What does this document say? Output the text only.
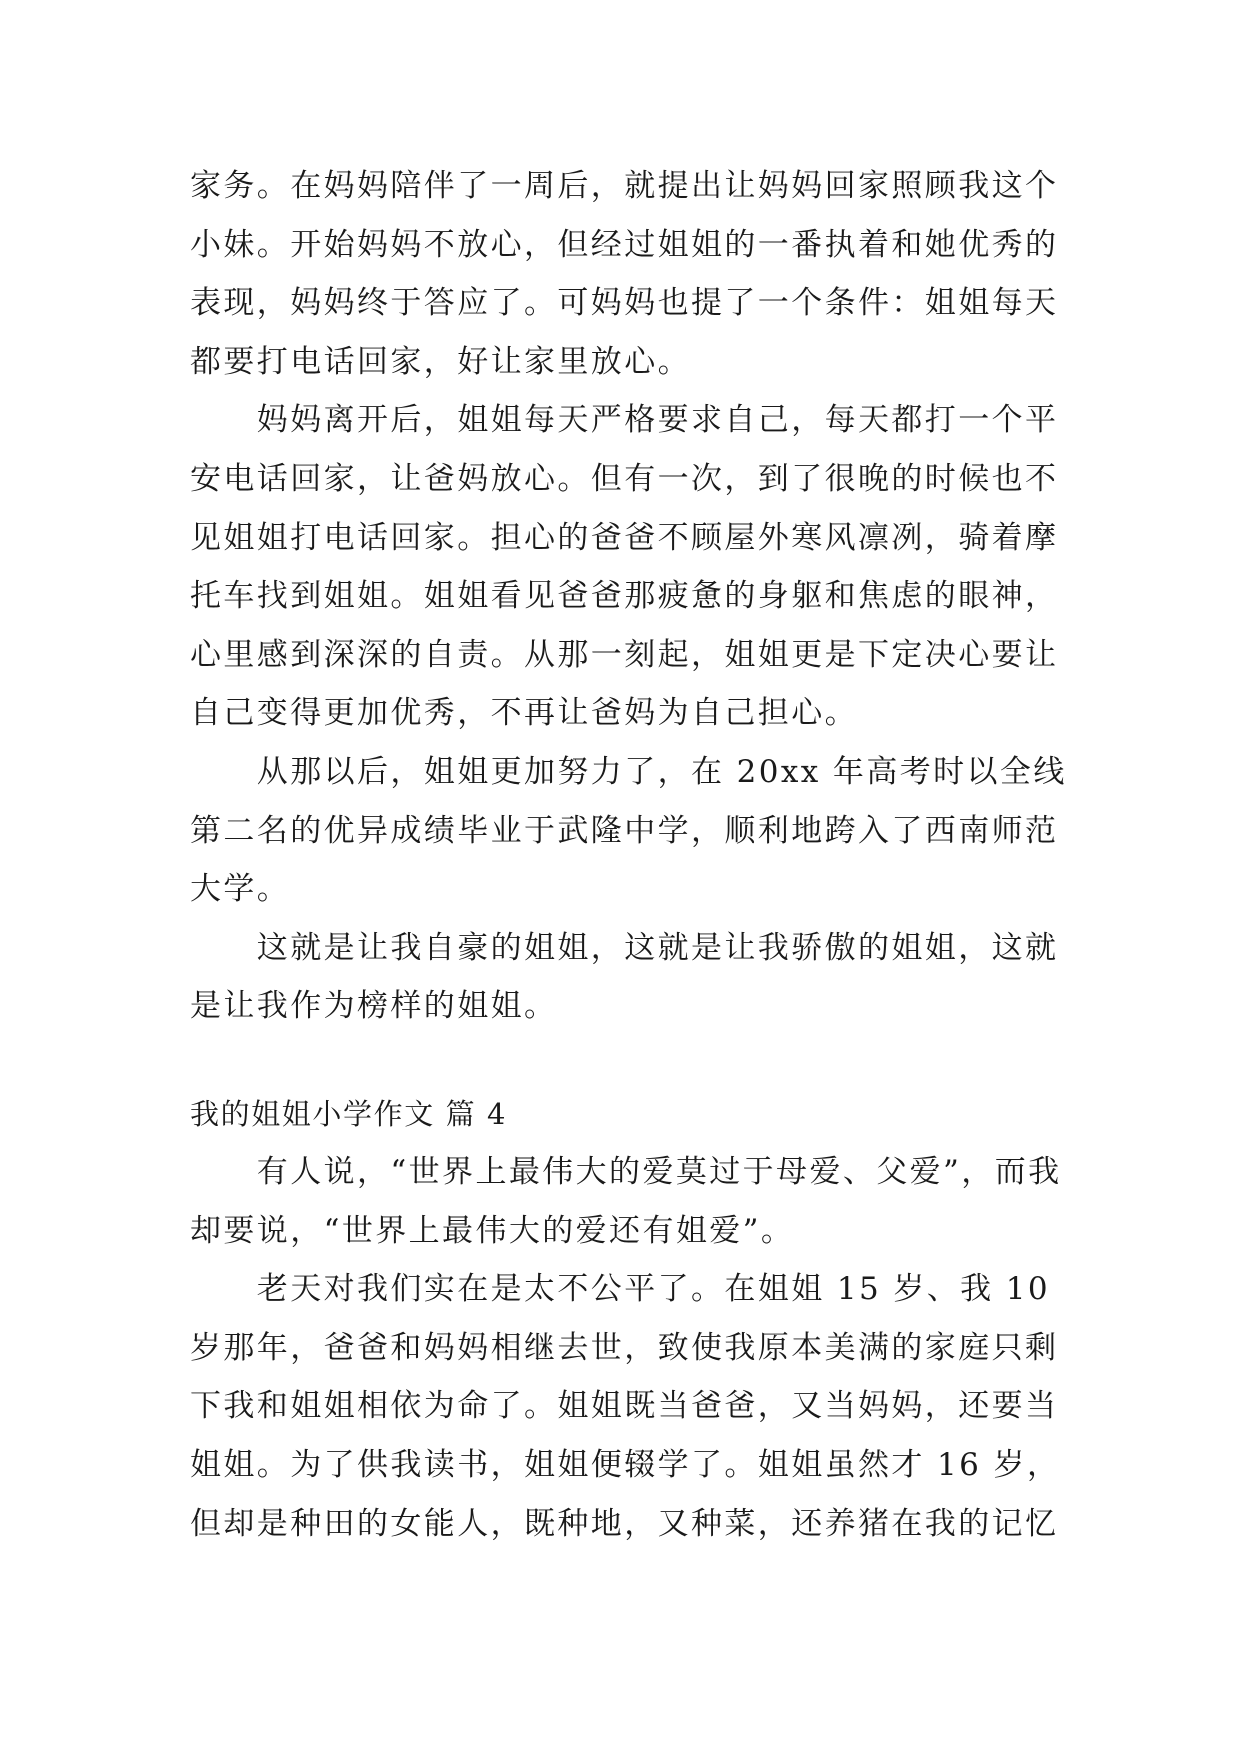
家务。在妈妈陪伴了一周后，就提出让妈妈回家照顾我这个
小妹。开始妈妈不放心，但经过姐姐的一番执着和她优秀的
表现，妈妈终于答应了。可妈妈也提了一个条件：姐姐每天
都要打电话回家，好让家里放心。
　　妈妈离开后，姐姐每天严格要求自己，每天都打一个平
安电话回家，让爸妈放心。但有一次，到了很晚的时候也不
见姐姐打电话回家。担心的爸爸不顾屋外寒风凛冽，骑着摩
托车找到姐姐。姐姐看见爸爸那疲惫的身躯和焦虑的眼神，
心里感到深深的自责。从那一刻起，姐姐更是下定决心要让
自己变得更加优秀，不再让爸妈为自己担心。
　　从那以后，姐姐更加努力了，在 20xx 年高考时以全线
第二名的优异成绩毕业于武隆中学，顺利地跨入了西南师范
大学。
　　这就是让我自豪的姐姐，这就是让我骄傲的姐姐，这就
是让我作为榜样的姐姐。
我的姐姐小学作文 篇 4
　　有人说，“世界上最伟大的爱莫过于母爱、父爱”，而我
却要说，“世界上最伟大的爱还有姐爱”。
　　老天对我们实在是太不公平了。在姐姐 15 岁、我 10
岁那年，爸爸和妈妈相继去世，致使我原本美满的家庭只剩
下我和姐姐相依为命了。姐姐既当爸爸，又当妈妈，还要当
姐姐。为了供我读书，姐姐便辍学了。姐姐虽然才 16 岁，
但却是种田的女能人，既种地，又种菜，还养猪在我的记忆
